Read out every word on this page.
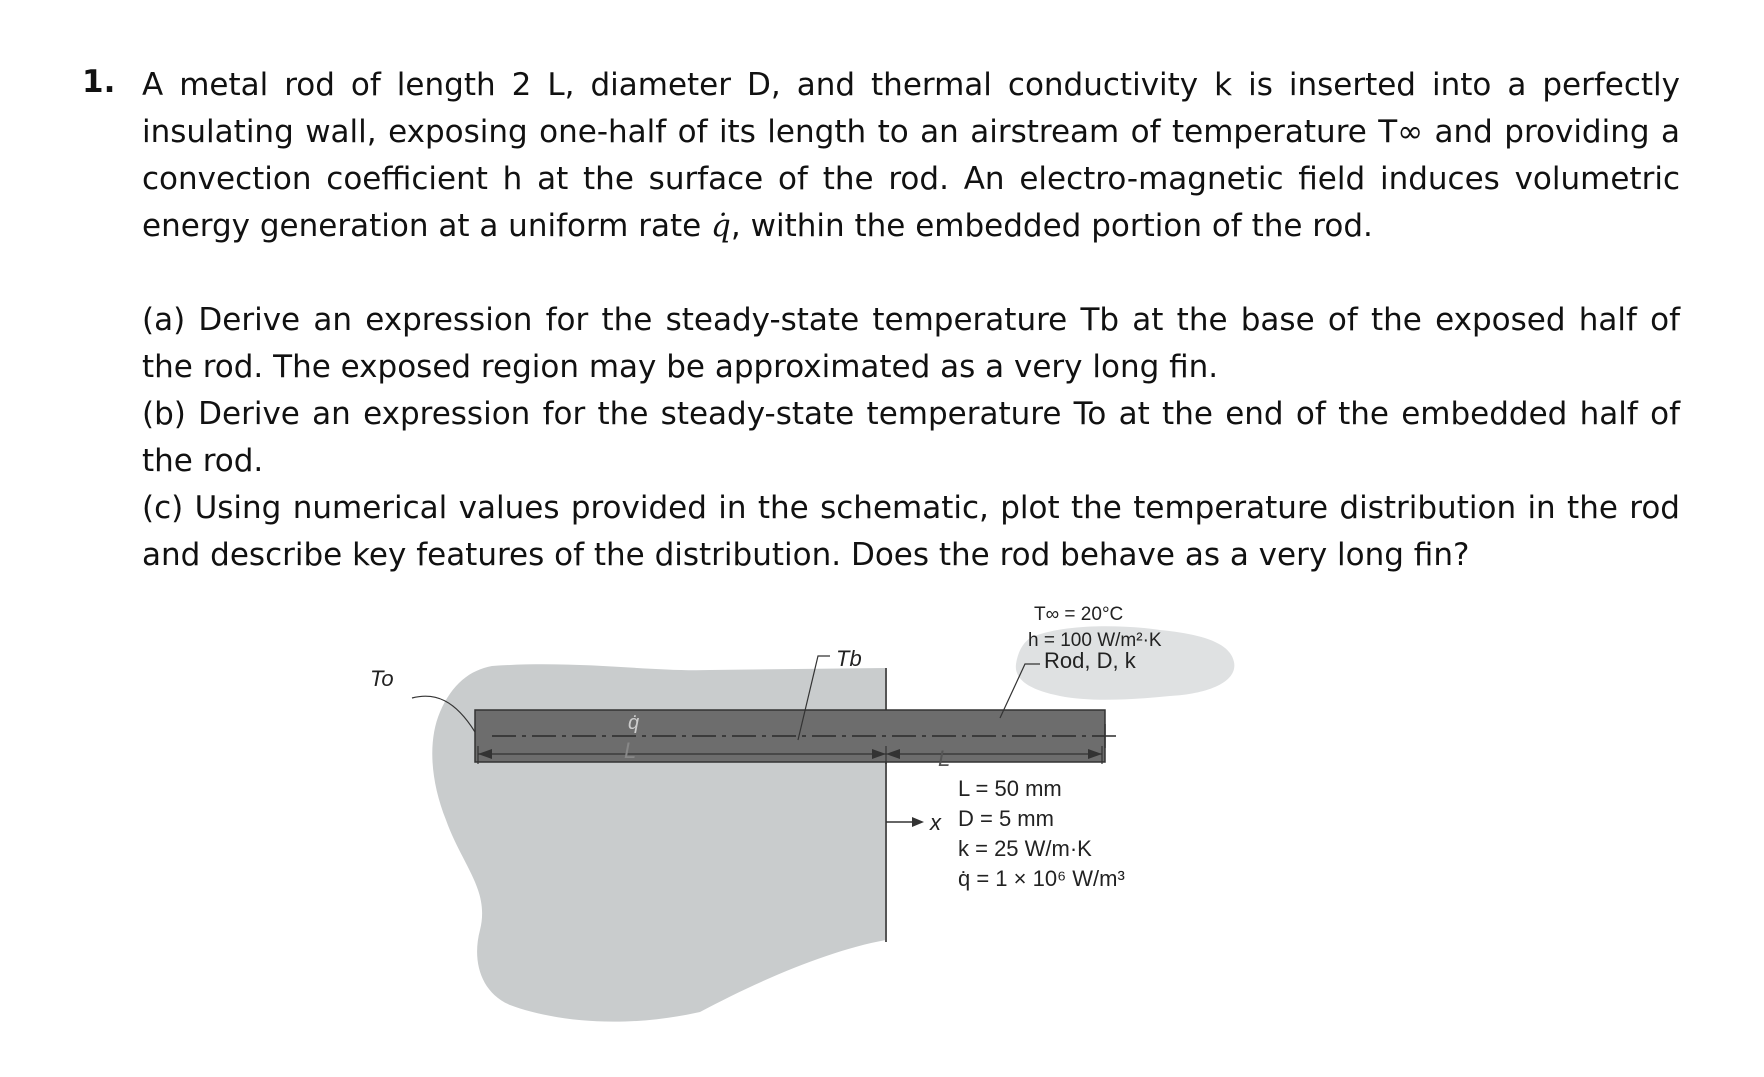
1. A metal rod of length 2 L, diameter D, and thermal conductivity k is inserted into a perfectly insulating wall, exposing one-half of its length to an airstream of temperature T∞ and providing a convection coefficient h at the surface of the rod. An electro-magnetic field induces volumetric energy generation at a uniform rate q̇, within the embedded portion of the rod.
(a) Derive an expression for the steady-state temperature Tb at the base of the exposed half of the rod. The exposed region may be approximated as a very long fin.
(b) Derive an expression for the steady-state temperature To at the end of the embedded half of the rod.
(c) Using numerical values provided in the schematic, plot the temperature distribution in the rod and describe key features of the distribution. Does the rod behave as a very long fin?
To
Tb
q̇
L	L
Rod, D, k
x
T∞ = 20°C
h = 100 W/m²·K
L = 50 mm
D = 5 mm
k = 25 W/m·K
q̇ = 1 × 10⁶ W/m³
